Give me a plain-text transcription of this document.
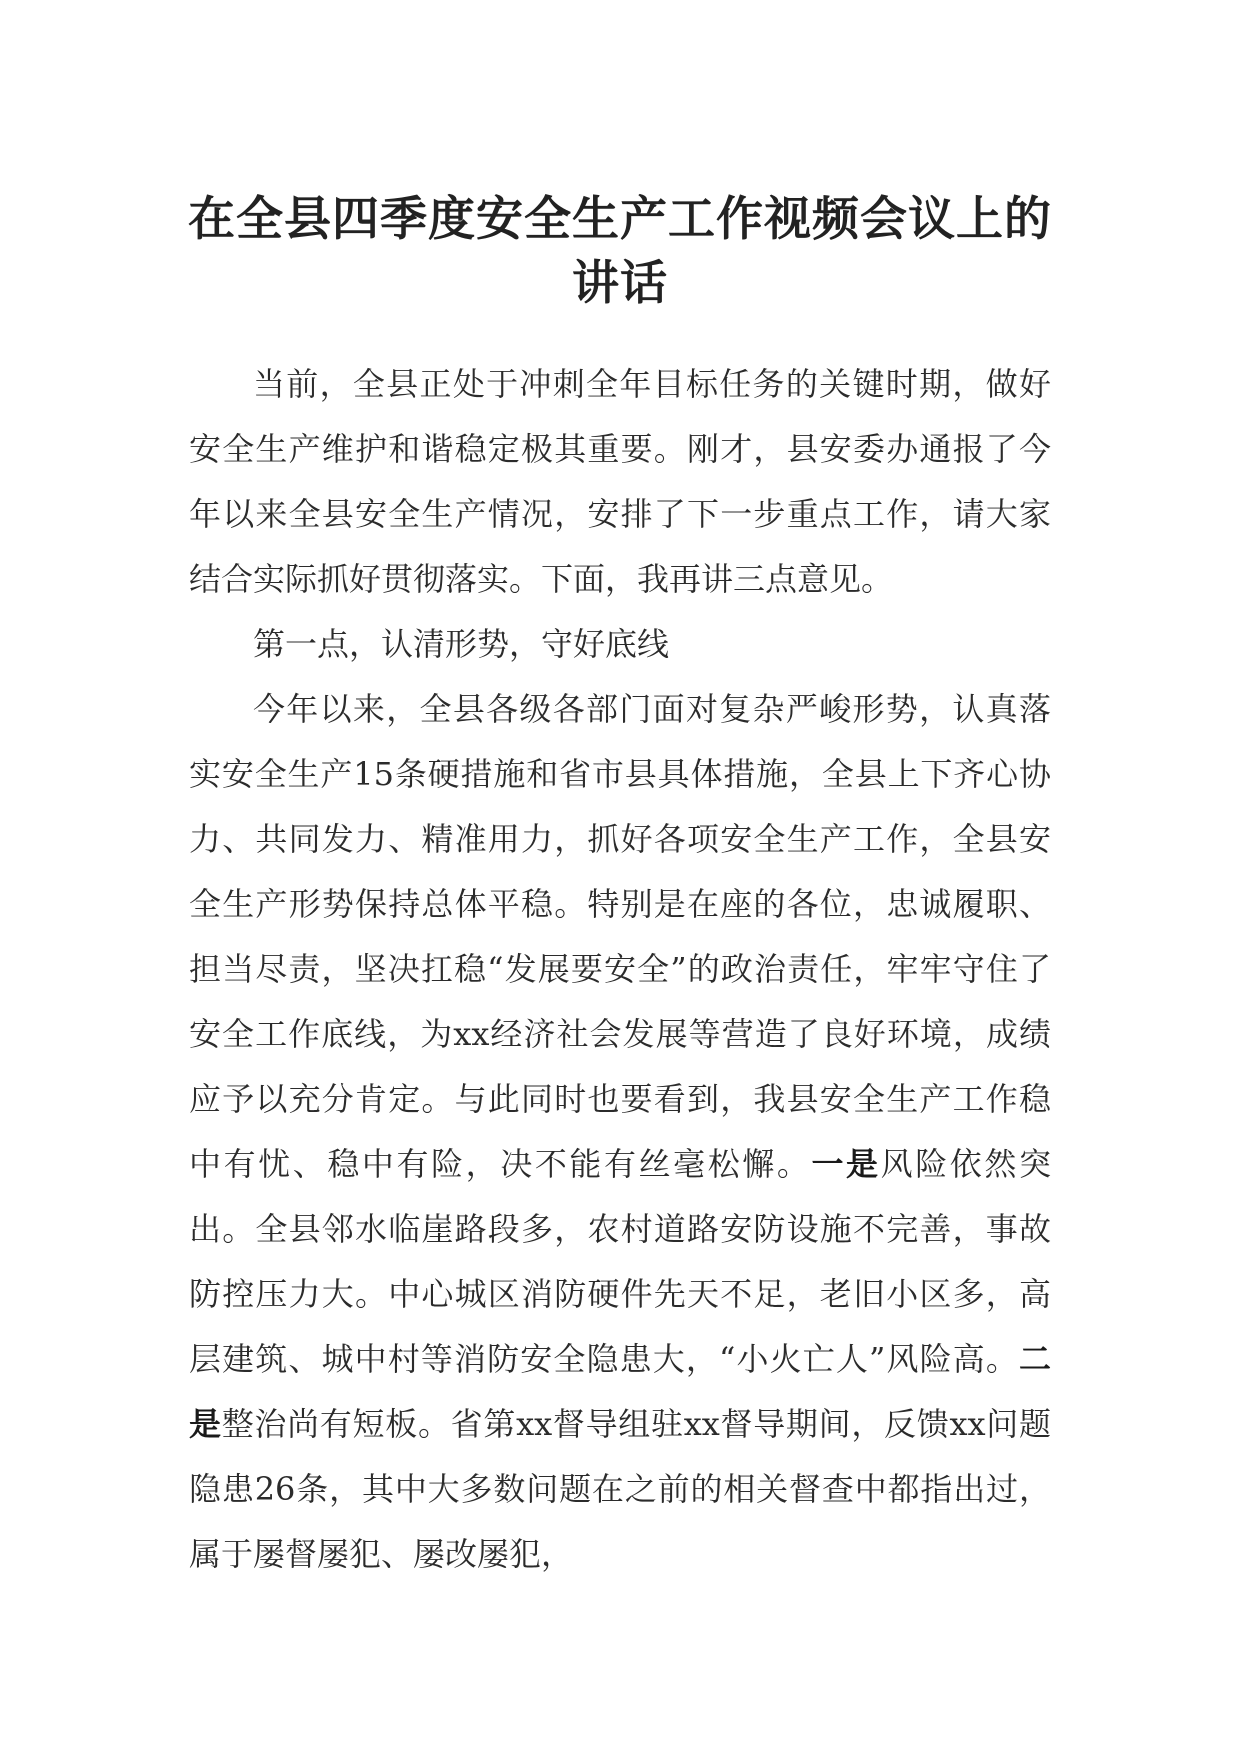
在全县四季度安全生产工作视频会议上的
讲话

当前，全县正处于冲刺全年目标任务的关键时期，做好安全生产维护和谐稳定极其重要。刚才，县安委办通报了今年以来全县安全生产情况，安排了下一步重点工作，请大家结合实际抓好贯彻落实。下面，我再讲三点意见。

第一点，认清形势，守好底线

今年以来，全县各级各部门面对复杂严峻形势，认真落实安全生产15条硬措施和省市县具体措施，全县上下齐心协力、共同发力、精准用力，抓好各项安全生产工作，全县安全生产形势保持总体平稳。特别是在座的各位，忠诚履职、担当尽责，坚决扛稳“发展要安全”的政治责任，牢牢守住了安全工作底线，为xx经济社会发展等营造了良好环境，成绩应予以充分肯定。与此同时也要看到，我县安全生产工作稳中有忧、稳中有险，决不能有丝毫松懈。一是风险依然突出。全县邻水临崖路段多，农村道路安防设施不完善，事故防控压力大。中心城区消防硬件先天不足，老旧小区多，高层建筑、城中村等消防安全隐患大，“小火亡人”风险高。二是整治尚有短板。省第xx督导组驻xx督导期间，反馈xx问题隐患26条，其中大多数问题在之前的相关督查中都指出过，属于屡督屡犯、屡改屡犯，
